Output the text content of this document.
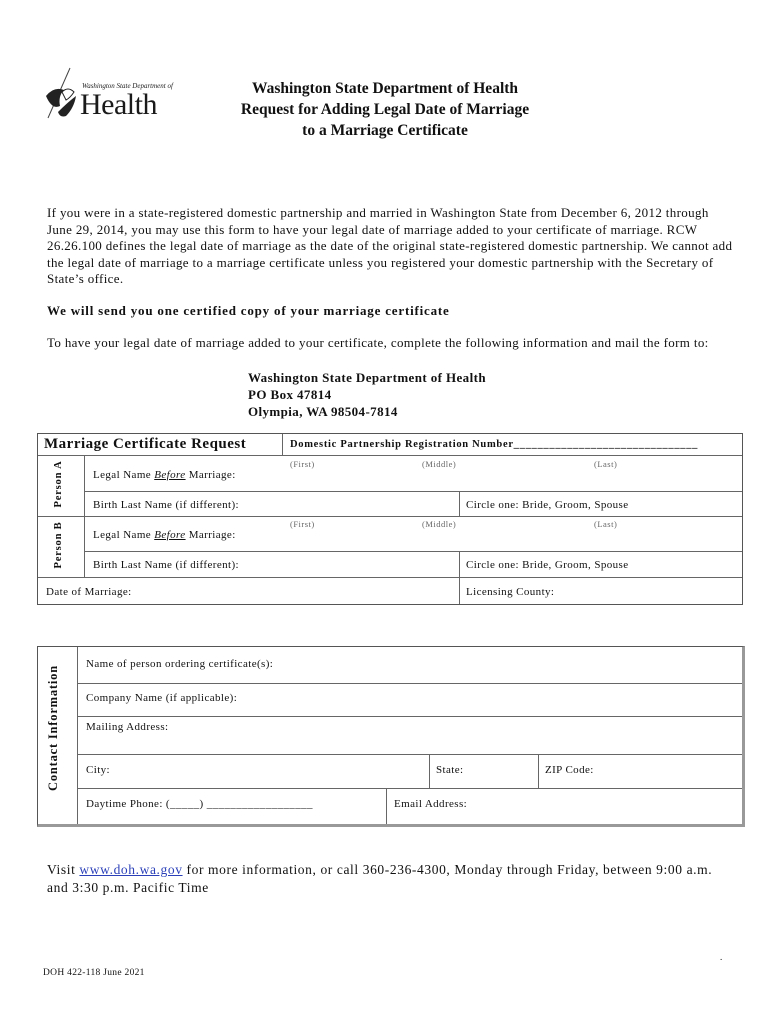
Washington State Department of
Health	Washington State Department of Health
Request for Adding Legal Date of Marriage
to a Marriage Certificate
If you were in a state-registered domestic partnership and married in Washington State from December 6, 2012 through June 29, 2014, you may use this form to have your legal date of marriage added to your certificate of marriage. RCW 26.26.100 defines the legal date of marriage as the date of the original state-registered domestic partnership. We cannot add the legal date of marriage to a marriage certificate unless you registered your domestic partnership with the Secretary of State’s office.
We will send you one certified copy of your marriage certificate
To have your legal date of marriage added to your certificate, complete the following information and mail the form to:
Washington State Department of Health
PO Box 47814
Olympia, WA 98504-7814
Marriage Certificate Request	Domestic Partnership Registration Number_______________________________
Person A	(First)	(Middle)	(Last)
Legal Name Before Marriage:
Birth Last Name (if different):	Circle one: Bride, Groom, Spouse
Person B	(First)	(Middle)	(Last)
Legal Name Before Marriage:
Birth Last Name (if different):	Circle one: Bride, Groom, Spouse
Date of Marriage:	Licensing County:
Contact Information
Name of person ordering certificate(s):
Company Name (if applicable):
Mailing Address:
City:	State:	ZIP Code:
Daytime Phone: (_____) __________________	Email Address:
Visit www.doh.wa.gov for more information, or call 360-236-4300, Monday through Friday, between 9:00 a.m. and 3:30 p.m. Pacific Time
.
DOH 422-118 June 2021
